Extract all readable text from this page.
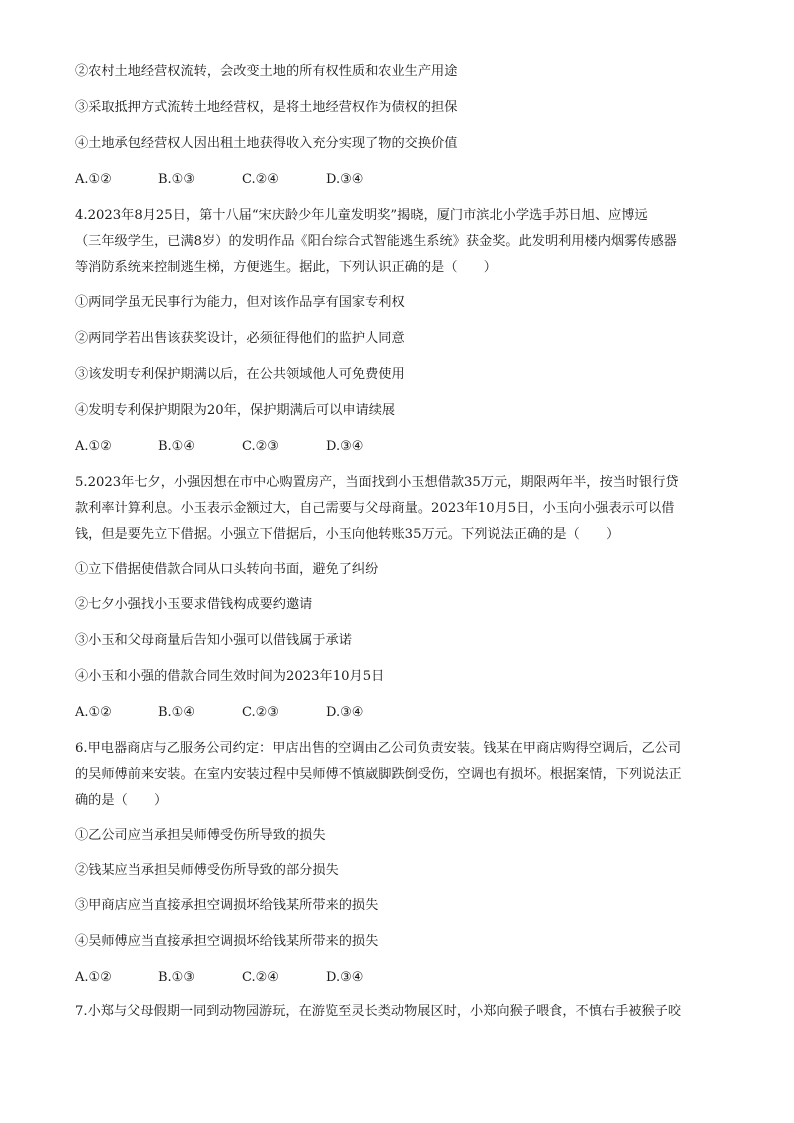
②农村土地经营权流转，会改变土地的所有权性质和农业生产用途
③采取抵押方式流转土地经营权，是将土地经营权作为债权的担保
④土地承包经营权人因出租土地获得收入充分实现了物的交换价值
A.①②	B.①③	C.②④	D.③④
4.2023年8月25日，第十八届“宋庆龄少年儿童发明奖”揭晓，厦门市滨北小学选手苏日旭、应博远
（三年级学生，已满8岁）的发明作品《阳台综合式智能逃生系统》获金奖。此发明利用楼内烟雾传感器
等消防系统来控制逃生梯，方便逃生。据此，下列认识正确的是（　　）
①两同学虽无民事行为能力，但对该作品享有国家专利权
②两同学若出售该获奖设计，必须征得他们的监护人同意
③该发明专利保护期满以后，在公共领域他人可免费使用
④发明专利保护期限为20年，保护期满后可以申请续展
A.①②	B.①④	C.②③	D.③④
5.2023年七夕，小强因想在市中心购置房产，当面找到小玉想借款35万元，期限两年半，按当时银行贷
款利率计算利息。小玉表示金额过大，自己需要与父母商量。2023年10月5日，小玉向小强表示可以借
钱，但是要先立下借据。小强立下借据后，小玉向他转账35万元。下列说法正确的是（　　）
①立下借据使借款合同从口头转向书面，避免了纠纷
②七夕小强找小玉要求借钱构成要约邀请
③小玉和父母商量后告知小强可以借钱属于承诺
④小玉和小强的借款合同生效时间为2023年10月5日
A.①②	B.①④	C.②③	D.③④
6.甲电器商店与乙服务公司约定：甲店出售的空调由乙公司负责安装。钱某在甲商店购得空调后，乙公司
的吴师傅前来安装。在室内安装过程中吴师傅不慎崴脚跌倒受伤，空调也有损坏。根据案情，下列说法正
确的是（　　）
①乙公司应当承担吴师傅受伤所导致的损失
②钱某应当承担吴师傅受伤所导致的部分损失
③甲商店应当直接承担空调损坏给钱某所带来的损失
④吴师傅应当直接承担空调损坏给钱某所带来的损失
A.①②	B.①③	C.②④	D.③④
7.小郑与父母假期一同到动物园游玩，在游览至灵长类动物展区时，小郑向猴子喂食，不慎右手被猴子咬
